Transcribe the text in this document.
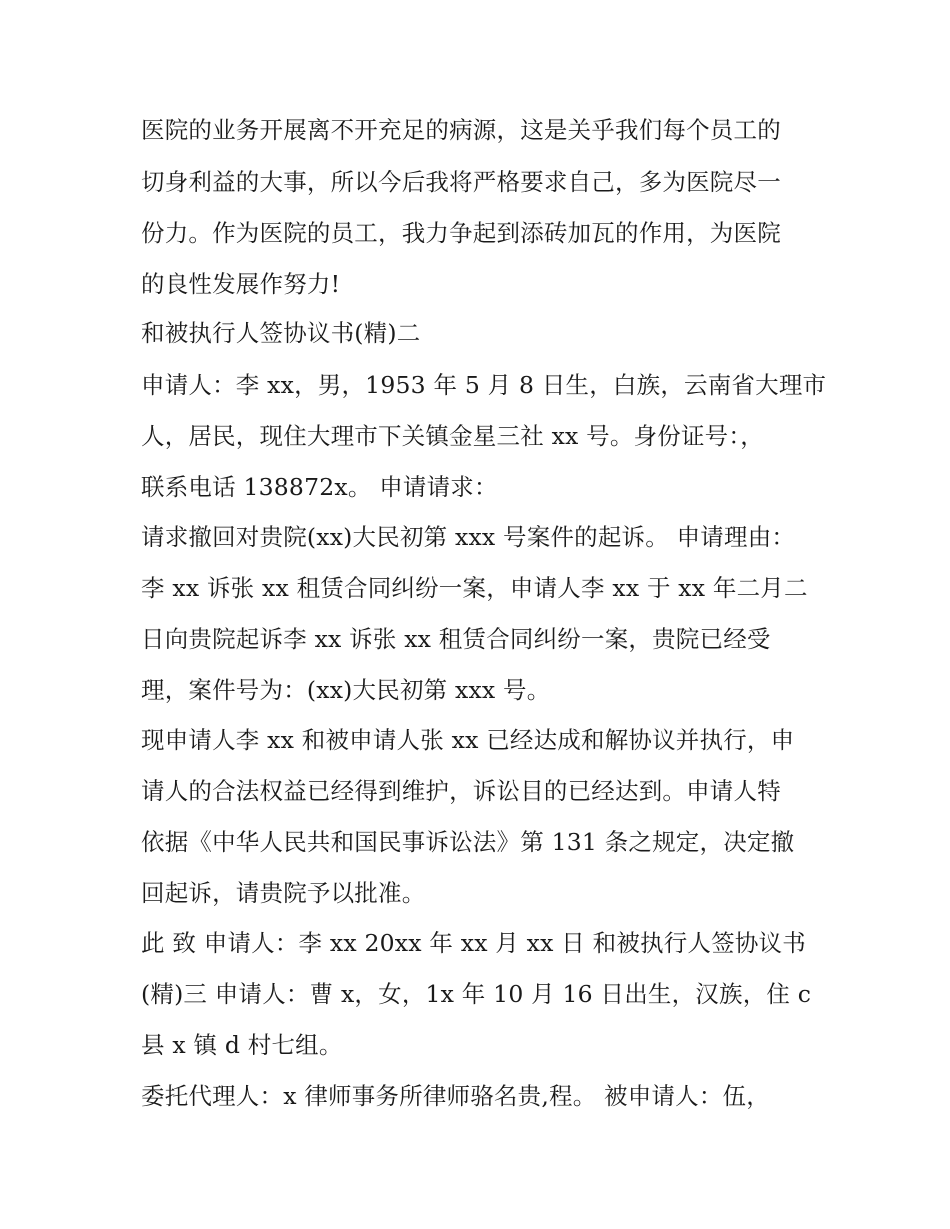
医院的业务开展离不开充足的病源，这是关乎我们每个员工的
切身利益的大事，所以今后我将严格要求自己，多为医院尽一
份力。作为医院的员工，我力争起到添砖加瓦的作用，为医院
的良性发展作努力!
和被执行人签协议书(精)二
申请人：李 xx，男，1953 年 5 月 8 日生，白族，云南省大理市
人，居民，现住大理市下关镇金星三社 xx 号。身份证号：，
联系电话 138872x。 申请请求：
请求撤回对贵院(xx)大民初第 xxx 号案件的起诉。 申请理由：
李 xx 诉张 xx 租赁合同纠纷一案，申请人李 xx 于 xx 年二月二
日向贵院起诉李 xx 诉张 xx 租赁合同纠纷一案，贵院已经受
理，案件号为：(xx)大民初第 xxx 号。
现申请人李 xx 和被申请人张 xx 已经达成和解协议并执行，申
请人的合法权益已经得到维护，诉讼目的已经达到。申请人特
依据《中华人民共和国民事诉讼法》第 131 条之规定，决定撤
回起诉，请贵院予以批准。
此 致 申请人：李 xx 20xx 年 xx 月 xx 日 和被执行人签协议书
(精)三 申请人：曹 x，女，1x 年 10 月 16 日出生，汉族，住 c
县 x 镇 d 村七组。
委托代理人：x 律师事务所律师骆名贵,程。 被申请人：伍，
